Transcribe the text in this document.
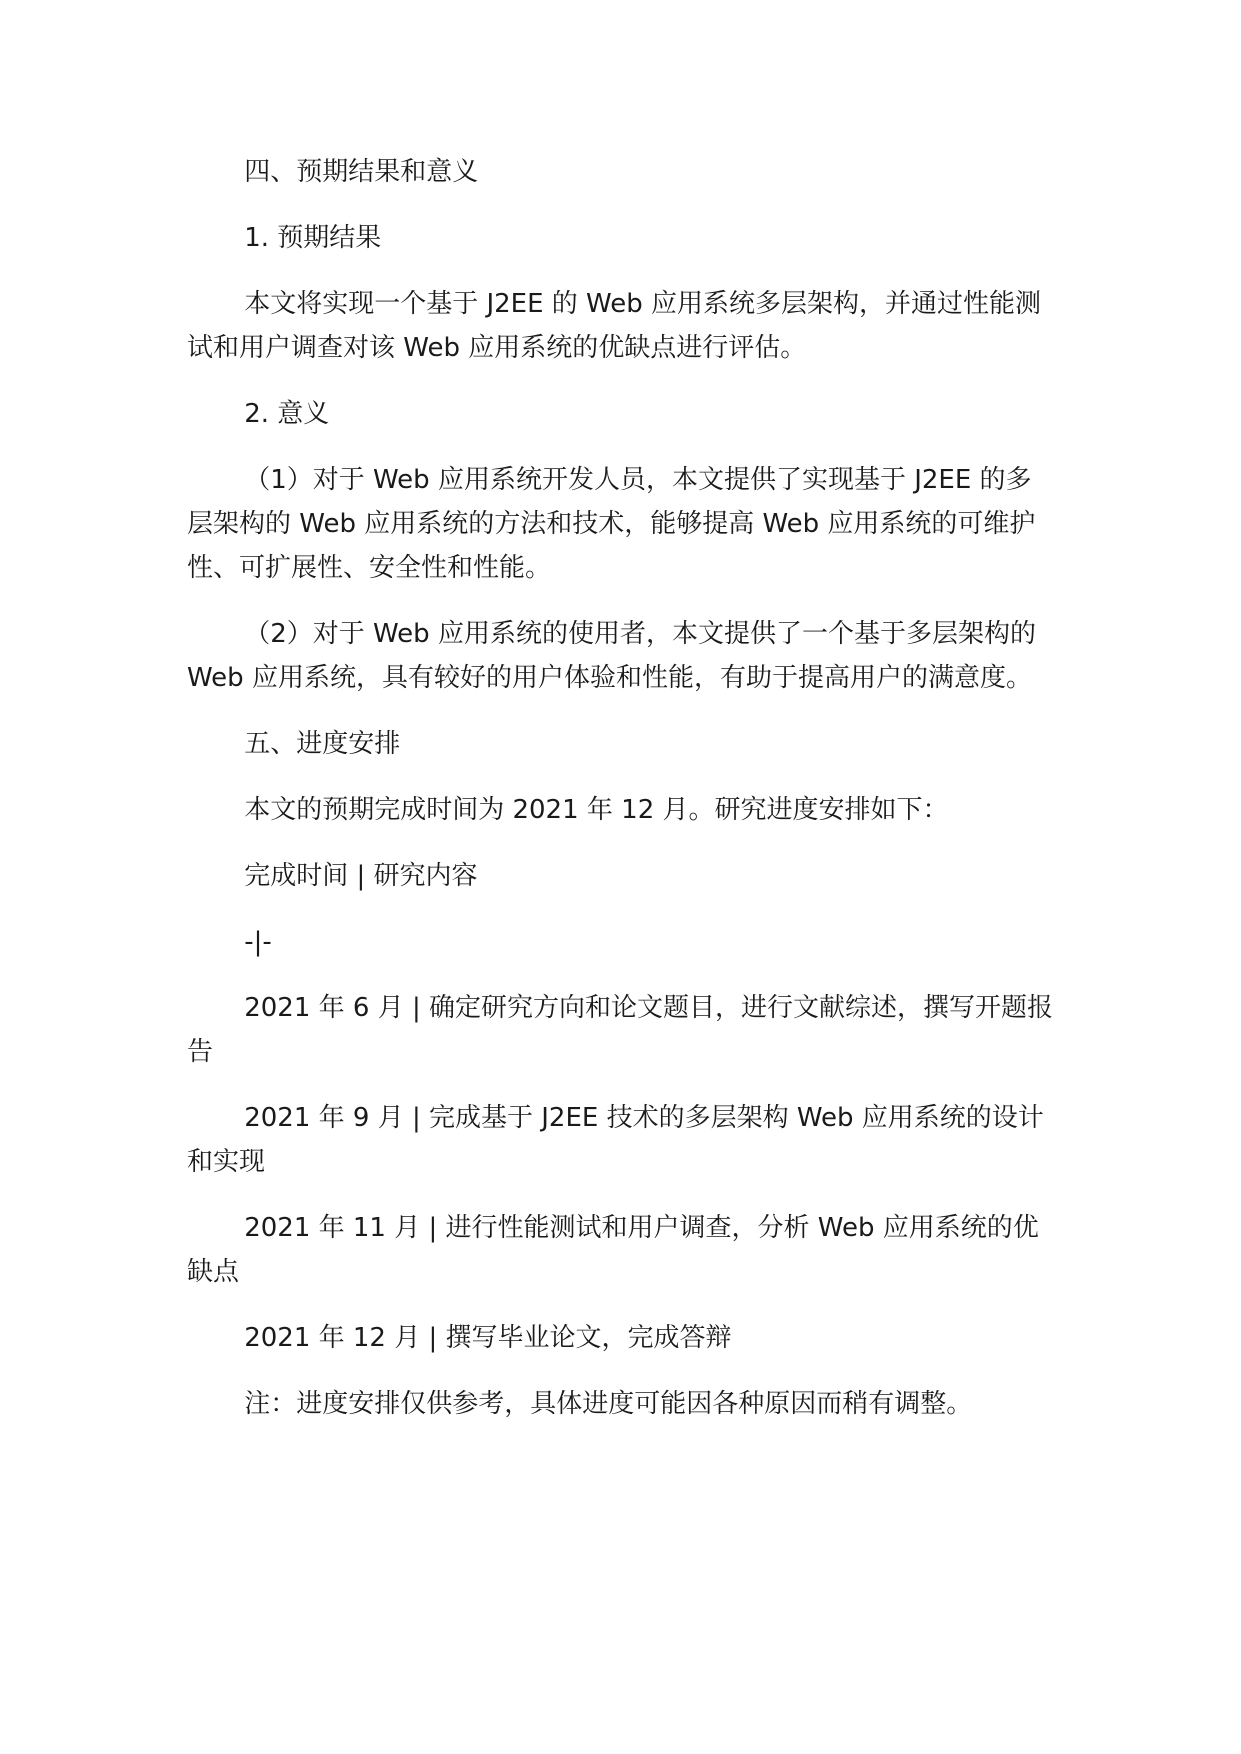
四、预期结果和意义

1. 预期结果

本文将实现一个基于 J2EE 的 Web 应用系统多层架构，并通过性能测试和用户调查对该 Web 应用系统的优缺点进行评估。

2. 意义

（1）对于 Web 应用系统开发人员，本文提供了实现基于 J2EE 的多层架构的 Web 应用系统的方法和技术，能够提高 Web 应用系统的可维护性、可扩展性、安全性和性能。

（2）对于 Web 应用系统的使用者，本文提供了一个基于多层架构的 Web 应用系统，具有较好的用户体验和性能，有助于提高用户的满意度。

五、进度安排

本文的预期完成时间为 2021 年 12 月。研究进度安排如下：

完成时间 | 研究内容

-|-

2021 年 6 月 | 确定研究方向和论文题目，进行文献综述，撰写开题报告

2021 年 9 月 | 完成基于 J2EE 技术的多层架构 Web 应用系统的设计和实现

2021 年 11 月 | 进行性能测试和用户调查，分析 Web 应用系统的优缺点

2021 年 12 月 | 撰写毕业论文，完成答辩

注：进度安排仅供参考，具体进度可能因各种原因而稍有调整。
